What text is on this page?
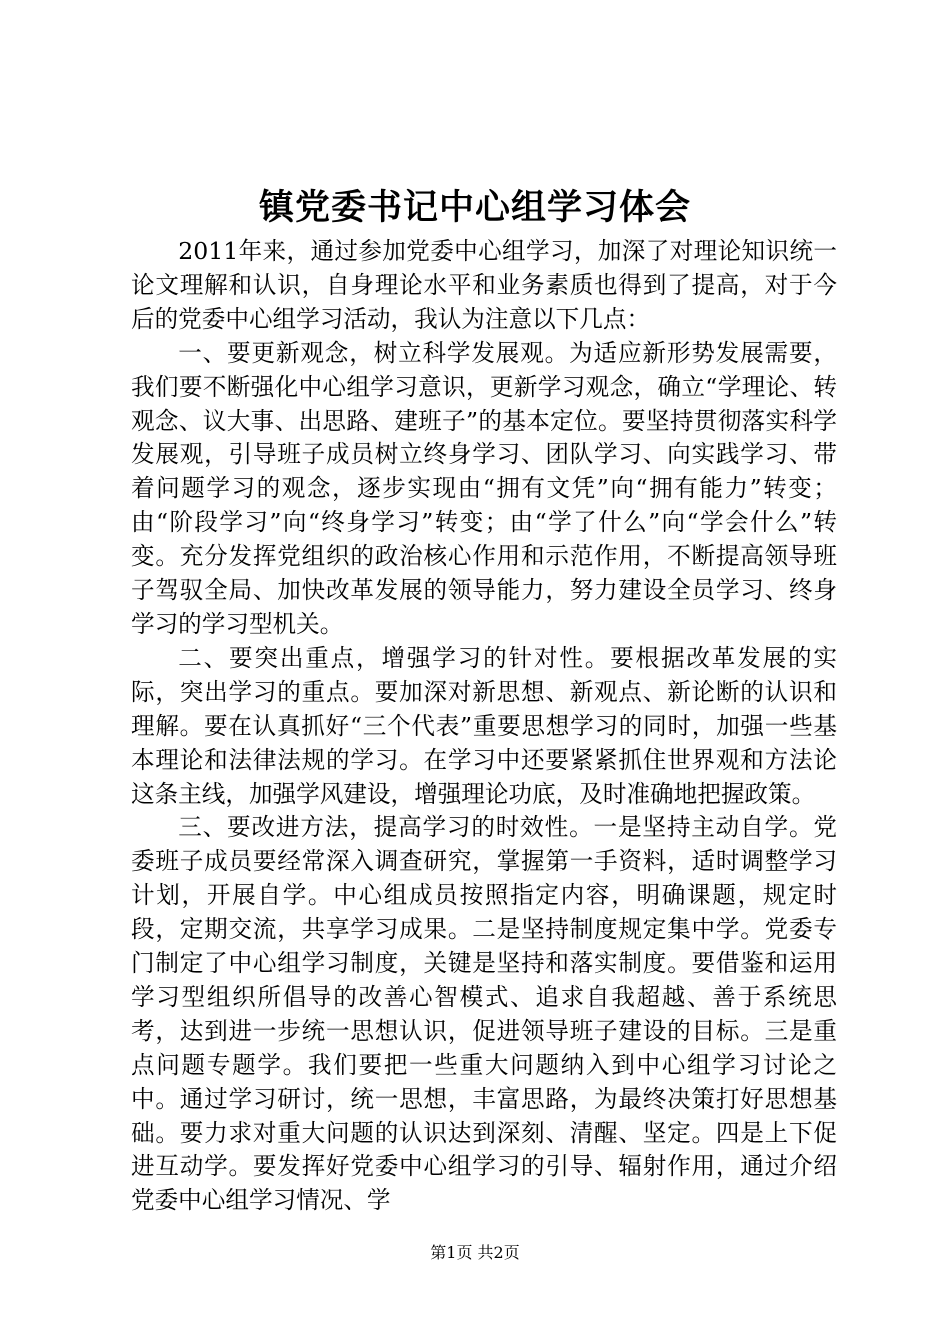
镇党委书记中心组学习体会

2011年来，通过参加党委中心组学习，加深了对理论知识统一论文理解和认识，自身理论水平和业务素质也得到了提高，对于今后的党委中心组学习活动，我认为注意以下几点：

一、要更新观念，树立科学发展观。为适应新形势发展需要，我们要不断强化中心组学习意识，更新学习观念，确立“学理论、转观念、议大事、出思路、建班子”的基本定位。要坚持贯彻落实科学发展观，引导班子成员树立终身学习、团队学习、向实践学习、带着问题学习的观念，逐步实现由“拥有文凭”向“拥有能力”转变；由“阶段学习”向“终身学习”转变；由“学了什么”向“学会什么”转变。充分发挥党组织的政治核心作用和示范作用，不断提高领导班子驾驭全局、加快改革发展的领导能力，努力建设全员学习、终身学习的学习型机关。

二、要突出重点，增强学习的针对性。要根据改革发展的实际，突出学习的重点。要加深对新思想、新观点、新论断的认识和理解。要在认真抓好“三个代表”重要思想学习的同时，加强一些基本理论和法律法规的学习。在学习中还要紧紧抓住世界观和方法论这条主线，加强学风建设，增强理论功底，及时准确地把握政策。

三、要改进方法，提高学习的时效性。一是坚持主动自学。党委班子成员要经常深入调查研究，掌握第一手资料，适时调整学习计划，开展自学。中心组成员按照指定内容，明确课题，规定时段，定期交流，共享学习成果。二是坚持制度规定集中学。党委专门制定了中心组学习制度，关键是坚持和落实制度。要借鉴和运用学习型组织所倡导的改善心智模式、追求自我超越、善于系统思考，达到进一步统一思想认识，促进领导班子建设的目标。三是重点问题专题学。我们要把一些重大问题纳入到中心组学习讨论之中。通过学习研讨，统一思想，丰富思路，为最终决策打好思想基础。要力求对重大问题的认识达到深刻、清醒、坚定。四是上下促进互动学。要发挥好党委中心组学习的引导、辐射作用，通过介绍党委中心组学习情况、学

第1页 共2页
